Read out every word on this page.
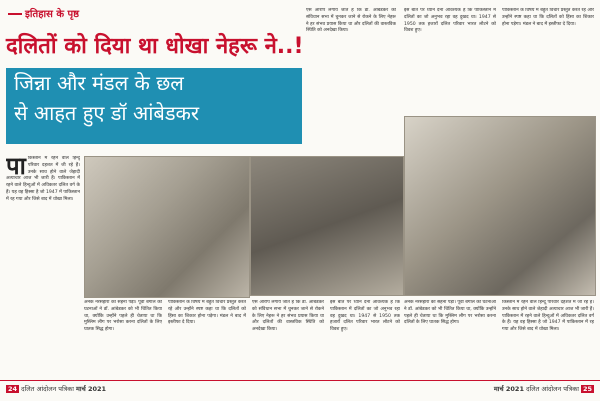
इतिहास के पृष्ठ
दलितों को दिया था धोखा नेहरू ने..!
जिन्ना और मंडल के छल
से आहत हुए डॉ आंबेडकर

ऐसे आरोप लगाये जाते हैं कि डॉ. आंबेडकर को संविधान सभा में चुनकर जाने से रोकने के लिए नेहरू ने हर संभव प्रयास किया था और दलितों की वास्तविक स्थिति को अनदेखा किया।

इस बात पर ध्यान देना आवश्यक है कि पाकिस्तान में दलितों का जो अनुभव रहा वह दुखद था। 1947 से 1950 तक हजारों दलित परिवार भारत लौटने को विवश हुए।

पाकिस्तान के विषय में बहुत विचार प्रस्तुत करते रहे और उन्होंने स्पष्ट कहा था कि दलितों को हिंसा का शिकार होना पड़ेगा। मंडल ने बाद में इस्तीफा दे दिया।

पा किस्तान में रहने वाले हिन्दू परिवार दहशत में जी रहे हैं। उनके साथ होने वाले जेहादी अत्याचार आज भी जारी हैं। पाकिस्तान में रहने वाले हिन्दुओं में अधिकतर दलित वर्ग के हैं। यह वह हिस्सा है जो 1947 में पाकिस्तान में रह गया और जिसे बाद में धोखा मिला।

अनेक नरसंहारों को सहना पड़ा। पूर्वी बंगाल की घटनाओं ने डॉ. आंबेडकर को भी चिंतित किया था, क्योंकि उन्होंने पहले ही चेताया था कि मुस्लिम लीग पर भरोसा करना दलितों के लिए घातक सिद्ध होगा।

पाकिस्तान के विषय में बहुत विचार प्रस्तुत करते रहे और उन्होंने स्पष्ट कहा था कि दलितों को हिंसा का शिकार होना पड़ेगा। मंडल ने बाद में इस्तीफा दे दिया।

ऐसे आरोप लगाये जाते हैं कि डॉ. आंबेडकर को संविधान सभा में चुनकर जाने से रोकने के लिए नेहरू ने हर संभव प्रयास किया था और दलितों की वास्तविक स्थिति को अनदेखा किया।

इस बात पर ध्यान देना आवश्यक है कि पाकिस्तान में दलितों का जो अनुभव रहा वह दुखद था। 1947 से 1950 तक हजारों दलित परिवार भारत लौटने को विवश हुए।

अनेक नरसंहारों को सहना पड़ा। पूर्वी बंगाल की घटनाओं ने डॉ. आंबेडकर को भी चिंतित किया था, क्योंकि उन्होंने पहले ही चेताया था कि मुस्लिम लीग पर भरोसा करना दलितों के लिए घातक सिद्ध होगा।

किस्तान में रहने वाले हिन्दू परिवार दहशत में जी रहे हैं। उनके साथ होने वाले जेहादी अत्याचार आज भी जारी हैं। पाकिस्तान में रहने वाले हिन्दुओं में अधिकतर दलित वर्ग के हैं। यह वह हिस्सा है जो 1947 में पाकिस्तान में रह गया और जिसे बाद में धोखा मिला।

24 दलित आंदोलन पत्रिका मार्च 2021	मार्च 2021 दलित आंदोलन पत्रिका 25
